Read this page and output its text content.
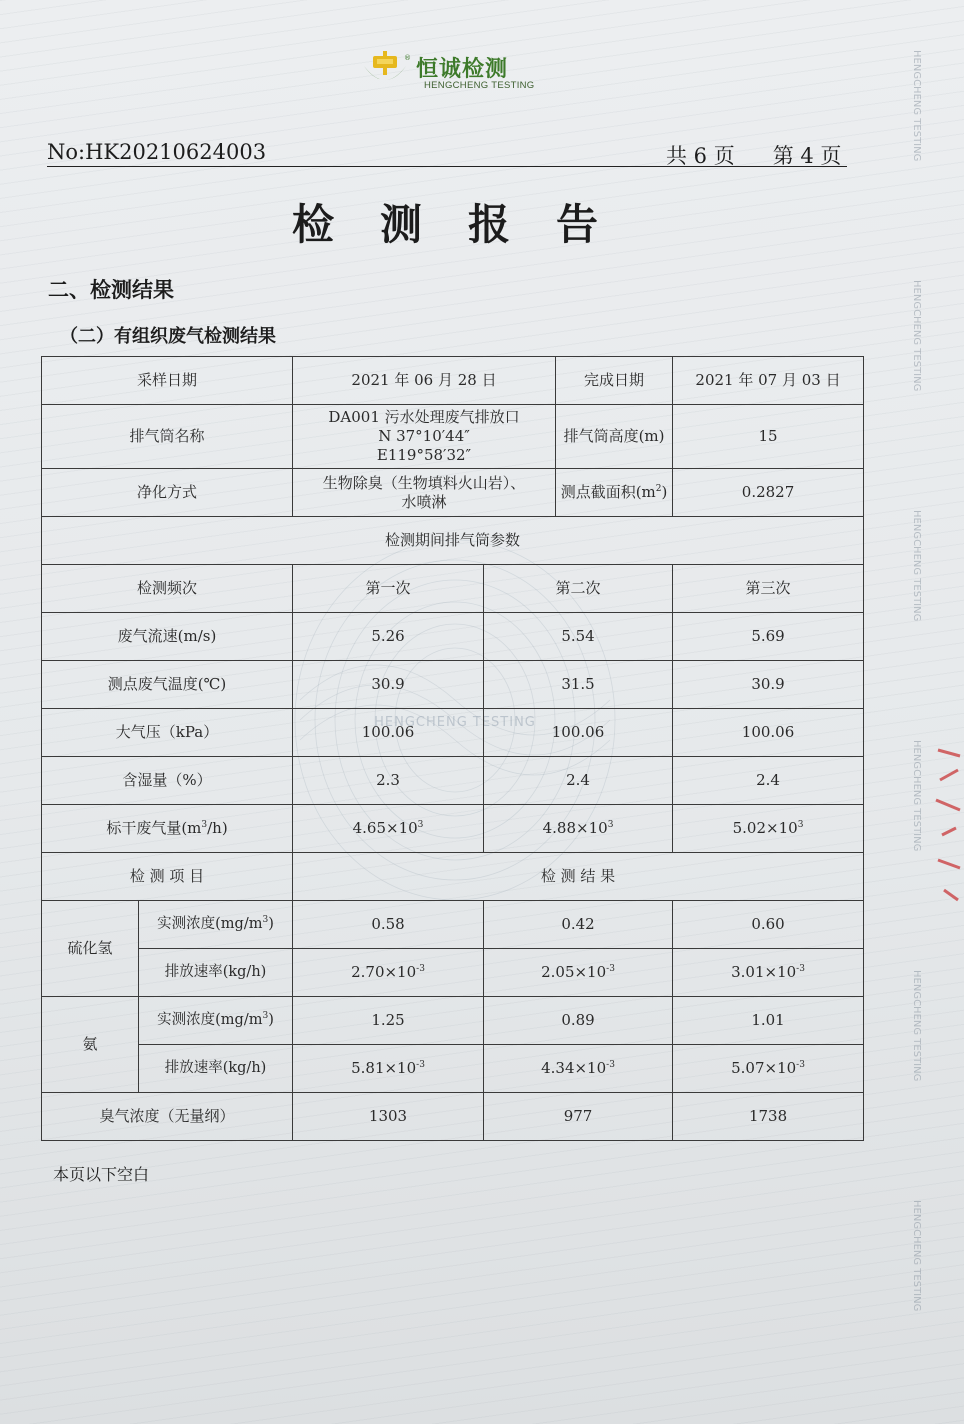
® 恒诚检测
HENGCHENG TESTING
No:HK20210624003	共 6 页 第 4 页
检测报告
二、检测结果
（二）有组织废气检测结果
HENGCHENG TESTING
采样日期		2021 年 06 月 28 日		完成日期	2021 年 07 月 03 日
排气筒名称		DA001 污水处理废气排放口
N 37°10′44″
E119°58′32″		排气筒高度(m)	15
净化方式		生物除臭（生物填料火山岩）、
水喷淋		测点截面积$(m^2)$	0.2827
检测期间排气筒参数					
检测频次		第一次	第二次		第三次
废气流速(m/s)		5.26	5.54		5.69
测点废气温度(℃)		30.9	31.5		30.9
大气压（kPa）		100.06	100.06		100.06
含湿量（%）		2.3	2.4		2.4
标干废气量$(m^3/h)$		$4.65\times 10^3$	$4.88\times 10^3$		$5.02\times 10^3$
检 测 项 目		检 测 结 果			
硫化氢	实测浓度$(mg/m^3)$	0.58	0.42		0.60
	排放速率(kg/h)	$2.70\times 10^{-3}$	$2.05\times 10^{-3}$		$3.01\times 10^{-3}$
氨	实测浓度$(mg/m^3)$	1.25	0.89		1.01
	排放速率(kg/h)	$5.81\times 10^{-3}$	$4.34\times 10^{-3}$		$5.07\times 10^{-3}$
臭气浓度（无量纲）		1303	977		1738
本页以下空白
HENGCHENG TESTING
HENGCHENG TESTING
HENGCHENG TESTING
HENGCHENG TESTING
HENGCHENG TESTING
HENGCHENG TESTING
